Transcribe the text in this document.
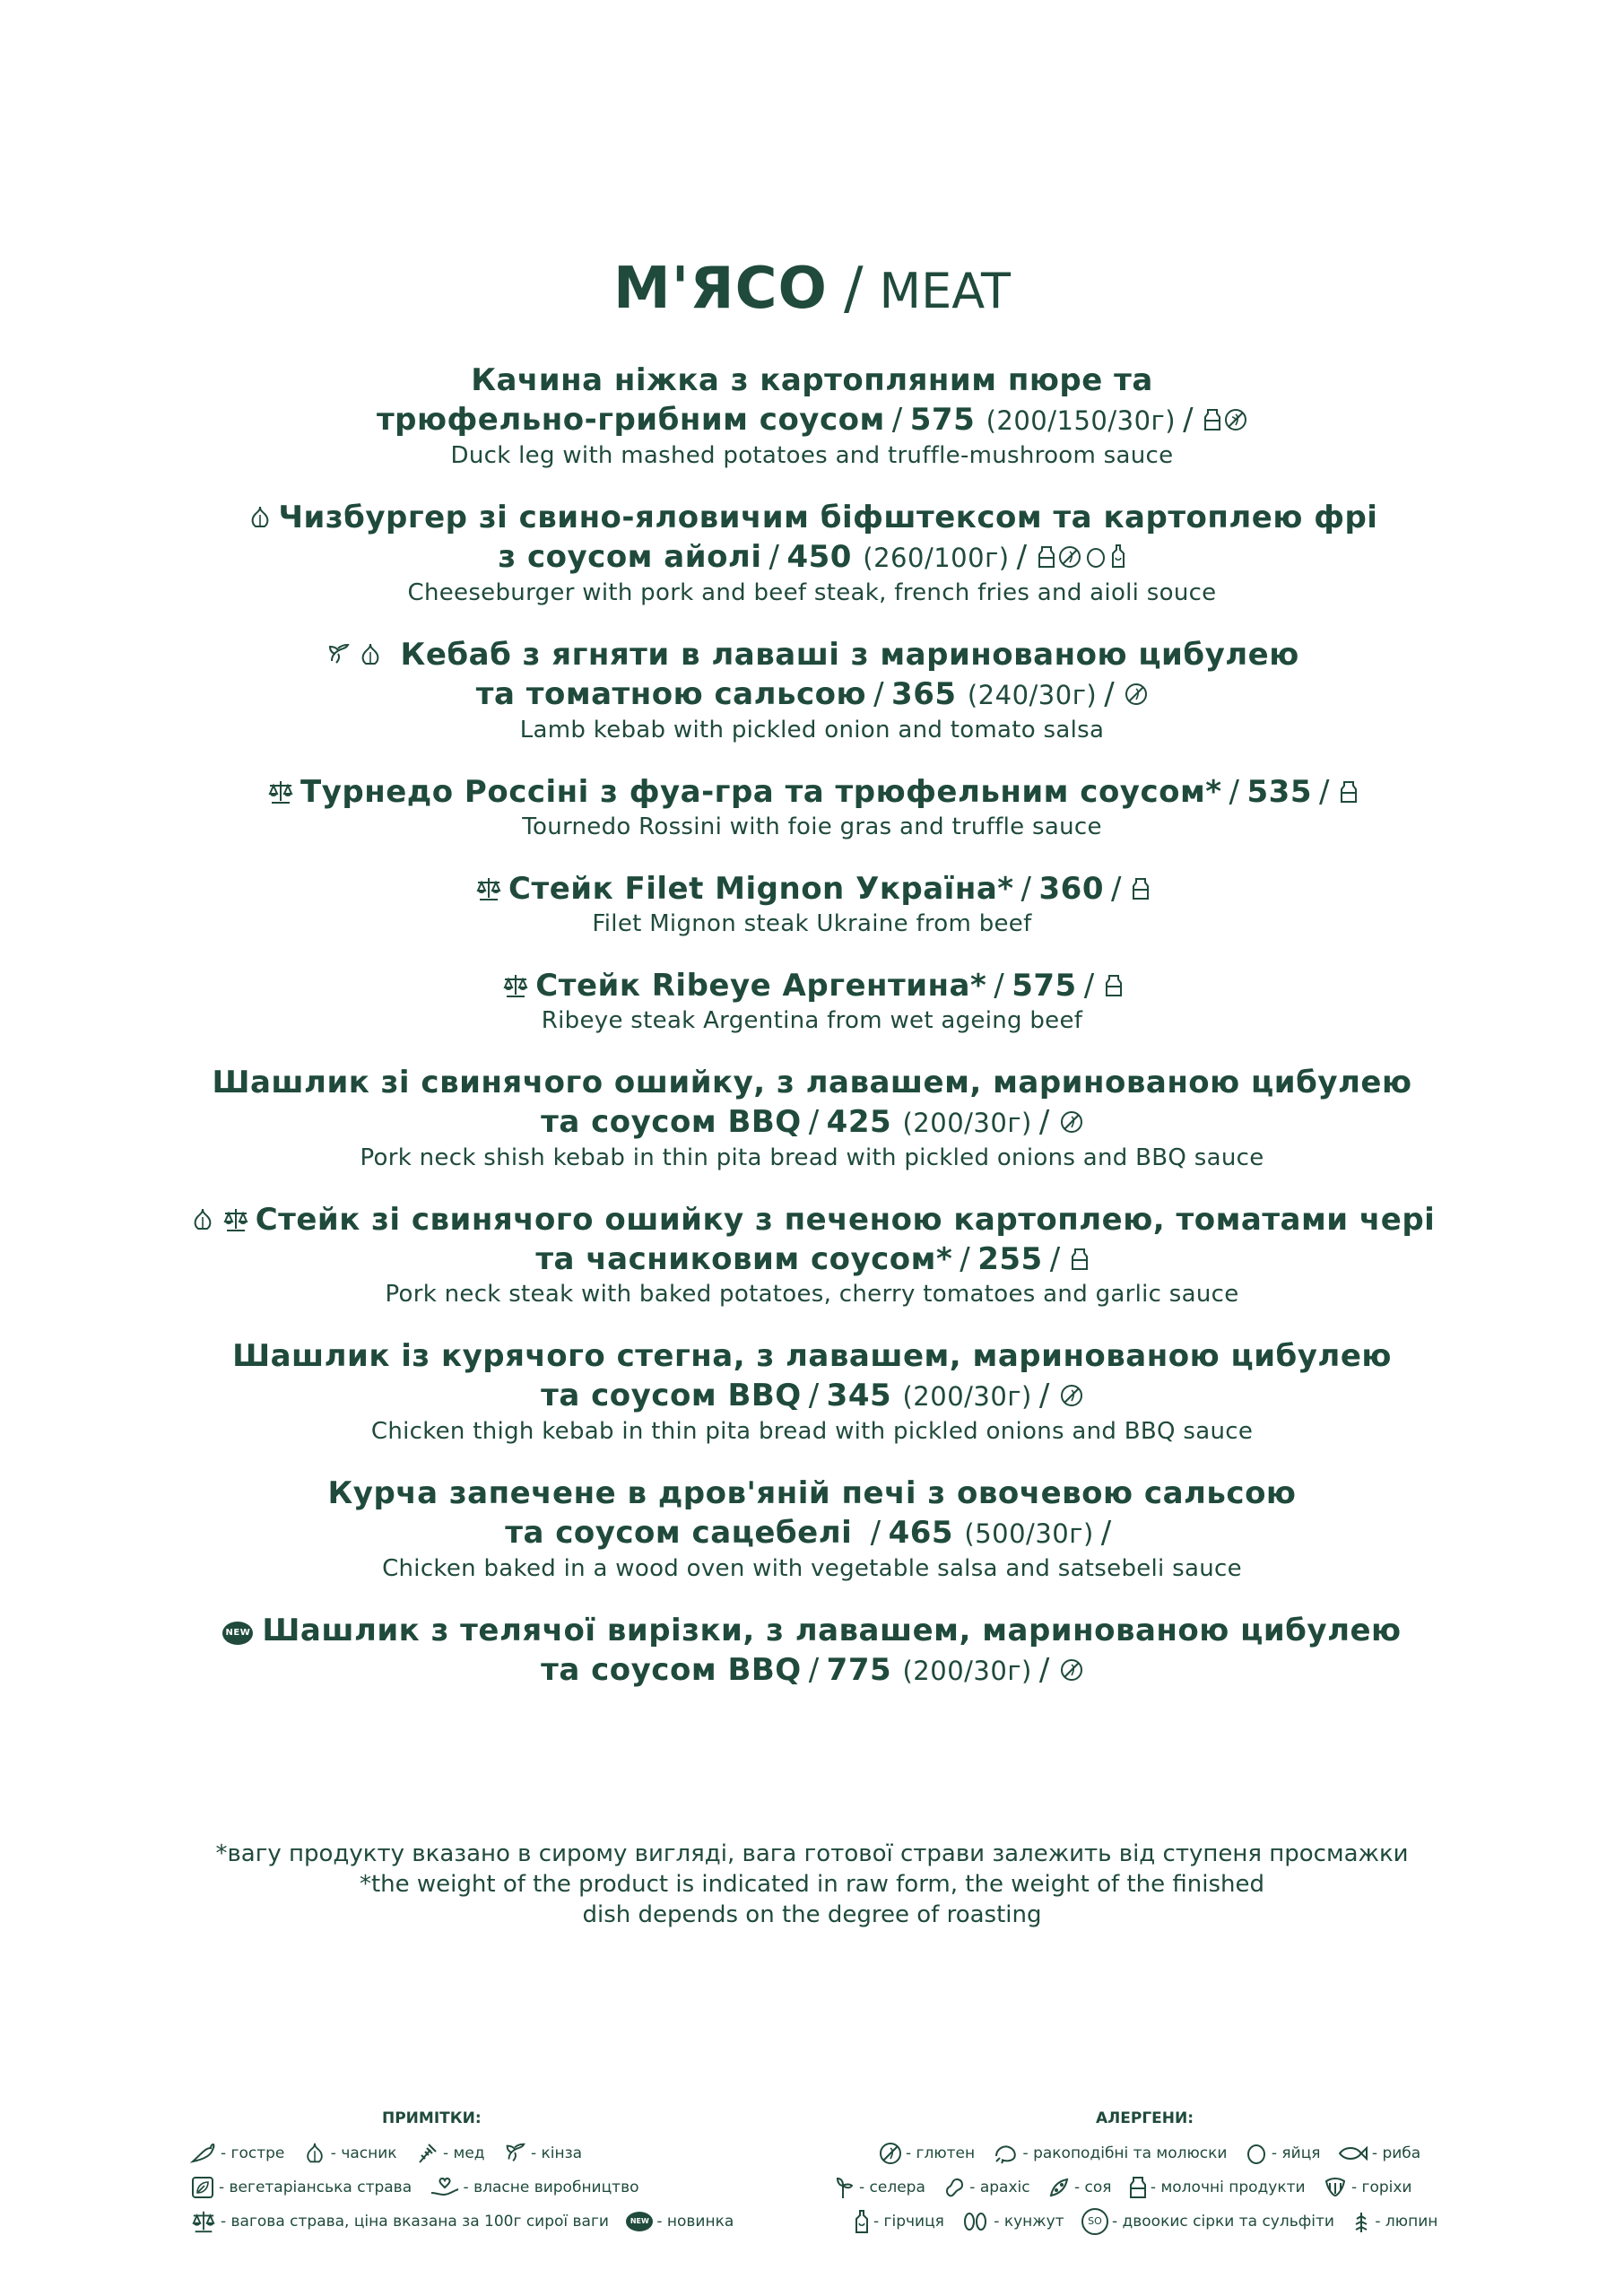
М'ЯСО / MEAT
Качина ніжка з картопляним пюре та
трюфельно-грибним соусом / 575 (200/150/30г) /
Duck leg with mashed potatoes and truffle-mushroom sauce
Чизбургер зі свино-яловичим біфштексом та картоплею фрі
з соусом айолі / 450 (260/100г) /
Cheeseburger with pork and beef steak, french fries and aioli souce
Кебаб з ягняти в лаваші з маринованою цибулею
та томатною сальсою / 365 (240/30г) /
Lamb kebab with pickled onion and tomato salsa
Турнедо Россіні з фуа-гра та трюфельним соусом* / 535 /
Tournedo Rossini with foie gras and truffle sauce
Стейк Filet Mignon Україна* / 360 /
Filet Mignon steak Ukraine from beef
Стейк Ribeye Аргентина* / 575 /
Ribeye steak Argentina from wet ageing beef
Шашлик зі свинячого ошийку, з лавашем, маринованою цибулею
та соусом BBQ / 425 (200/30г) /
Pork neck shish kebab in thin pita bread with pickled onions and BBQ sauce
Стейк зі свинячого ошийку з печеною картоплею, томатами чері
та часниковим соусом* / 255 /
Pork neck steak with baked potatoes, cherry tomatoes and garlic sauce
Шашлик із курячого стегна, з лавашем, маринованою цибулею
та соусом BBQ / 345 (200/30г) /
Chicken thigh kebab in thin pita bread with pickled onions and BBQ sauce
Курча запечене в дров'яній печі з овочевою сальсою
та соусом сацебелі / 465 (500/30г) /
Chicken baked in a wood oven with vegetable salsa and satsebeli sauce
NEW Шашлик з телячої вирізки, з лавашем, маринованою цибулею
та соусом BBQ / 775 (200/30г) /
*вагу продукту вказано в сирому вигляді, вага готової страви залежить від ступеня просмажки
*the weight of the product is indicated in raw form, the weight of the finished
dish depends on the degree of roasting
ПРИМІТКИ:
- гостре	- часник	- мед	- кінза
- вегетаріанська страва	- власне виробництво
- вагова страва, ціна вказана за 100г сирої ваги	NEW - новинка
АЛЕРГЕНИ:
- глютен	- ракоподібні та молюски	- яйця	- риба
- селера	- арахіс	- соя	- молочні продукти	- горіхи
- гірчиця	- кунжут SO - двоокис сірки та сульфіти	- люпин
